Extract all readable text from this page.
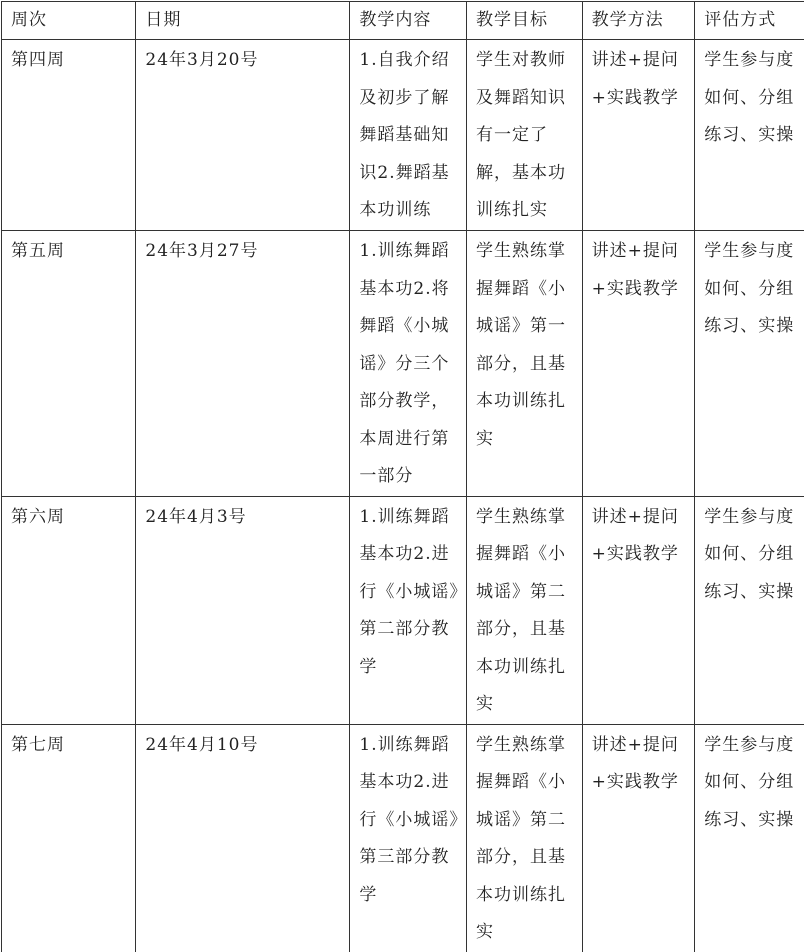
周次	日期	教学内容	教学目标	教学方法	评估方式
第四周	24年3月20号	1.自我介绍及初步了解舞蹈基础知识2.舞蹈基本功训练	学生对教师及舞蹈知识有一定了解，基本功训练扎实	讲述+提问+实践教学	学生参与度如何、分组练习、实操
第五周	24年3月27号	1.训练舞蹈基本功2.将舞蹈《小城谣》分三个部分教学，本周进行第一部分	学生熟练掌握舞蹈《小城谣》第一部分，且基本功训练扎实	讲述+提问+实践教学	学生参与度如何、分组练习、实操
第六周	24年4月3号	1.训练舞蹈基本功2.进行《小城谣》第二部分教学	学生熟练掌握舞蹈《小城谣》第二部分，且基本功训练扎实	讲述+提问+实践教学	学生参与度如何、分组练习、实操
第七周	24年4月10号	1.训练舞蹈基本功2.进行《小城谣》第三部分教学	学生熟练掌握舞蹈《小城谣》第二部分，且基本功训练扎实	讲述+提问+实践教学	学生参与度如何、分组练习、实操
